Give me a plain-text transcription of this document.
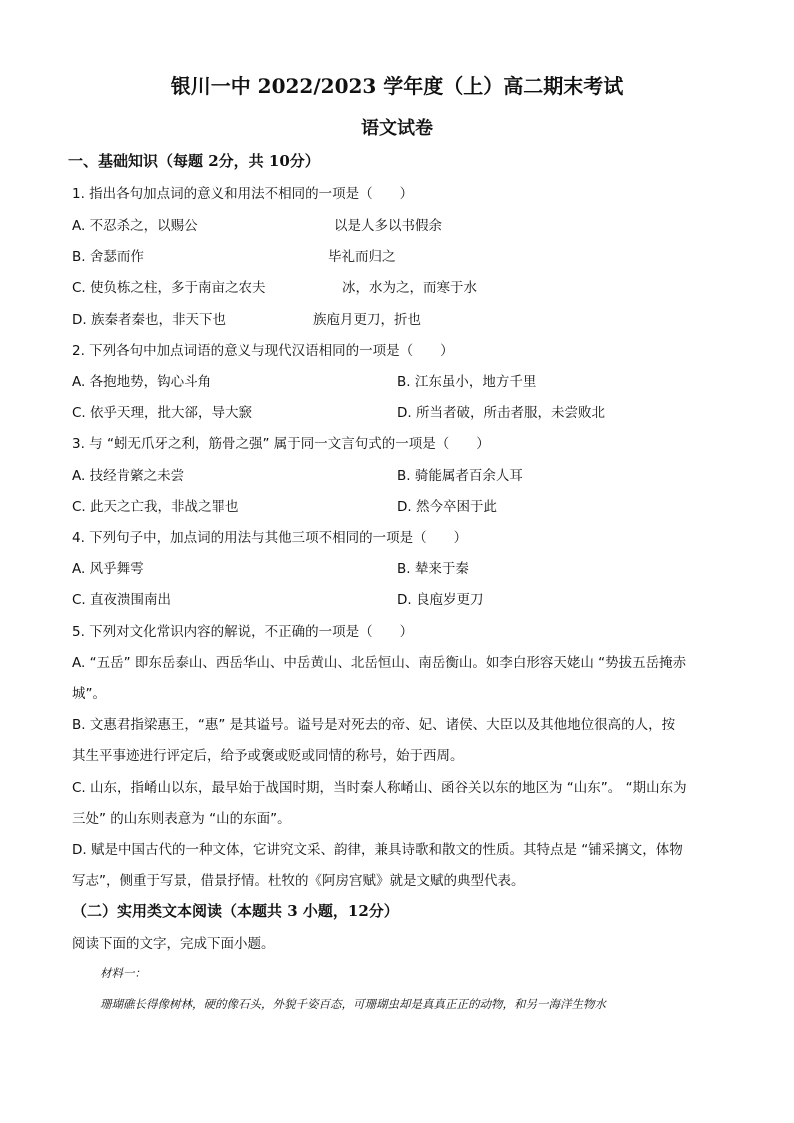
银川一中 2022/2023 学年度（上）高二期末考试
语文试卷
一、基础知识（每题 2分，共 10分）
1. 指出各句加点词的意义和用法不相同的一项是（　　）
A. 不忍杀之，以赐公	以是人多以书假余
B. 舍瑟而作	毕礼而归之
C. 使负栋之柱，多于南亩之农夫	冰，水为之，而寒于水
D. 族秦者秦也，非天下也	族庖月更刀，折也
2. 下列各句中加点词语的意义与现代汉语相同的一项是（　　）
A. 各抱地势，钩心斗角	B. 江东虽小，地方千里
C. 依乎天理，批大郤，导大窾	D. 所当者破，所击者服，未尝败北
3. 与 “蚓无爪牙之利，筋骨之强” 属于同一文言句式的一项是（　　）
A. 技经肯綮之未尝	B. 骑能属者百余人耳
C. 此天之亡我，非战之罪也	D. 然今卒困于此
4. 下列句子中，加点词的用法与其他三项不相同的一项是（　　）
A. 风乎舞雩	B. 辇来于秦
C. 直夜溃围南出	D. 良庖岁更刀
5. 下列对文化常识内容的解说，不正确的一项是（　　）
A. “五岳” 即东岳泰山、西岳华山、中岳黄山、北岳恒山、南岳衡山。如李白形容天姥山 “势拔五岳掩赤
城”。
B. 文惠君指梁惠王，“惠” 是其谥号。谥号是对死去的帝、妃、诸侯、大臣以及其他地位很高的人，按
其生平事迹进行评定后，给予或褒或贬或同情的称号，始于西周。
C. 山东，指崤山以东，最早始于战国时期，当时秦人称崤山、函谷关以东的地区为 “山东”。 “期山东为
三处” 的山东则表意为 “山的东面”。
D. 赋是中国古代的一种文体，它讲究文采、韵律，兼具诗歌和散文的性质。其特点是 “铺采摛文，体物
写志”，侧重于写景，借景抒情。杜牧的《阿房宫赋》就是文赋的典型代表。
（二）实用类文本阅读（本题共 3 小题，12分）
阅读下面的文字，完成下面小题。
材料一：
珊瑚礁长得像树林，硬的像石头，外貌千姿百态，可珊瑚虫却是真真正正的动物，和另一海洋生物水
